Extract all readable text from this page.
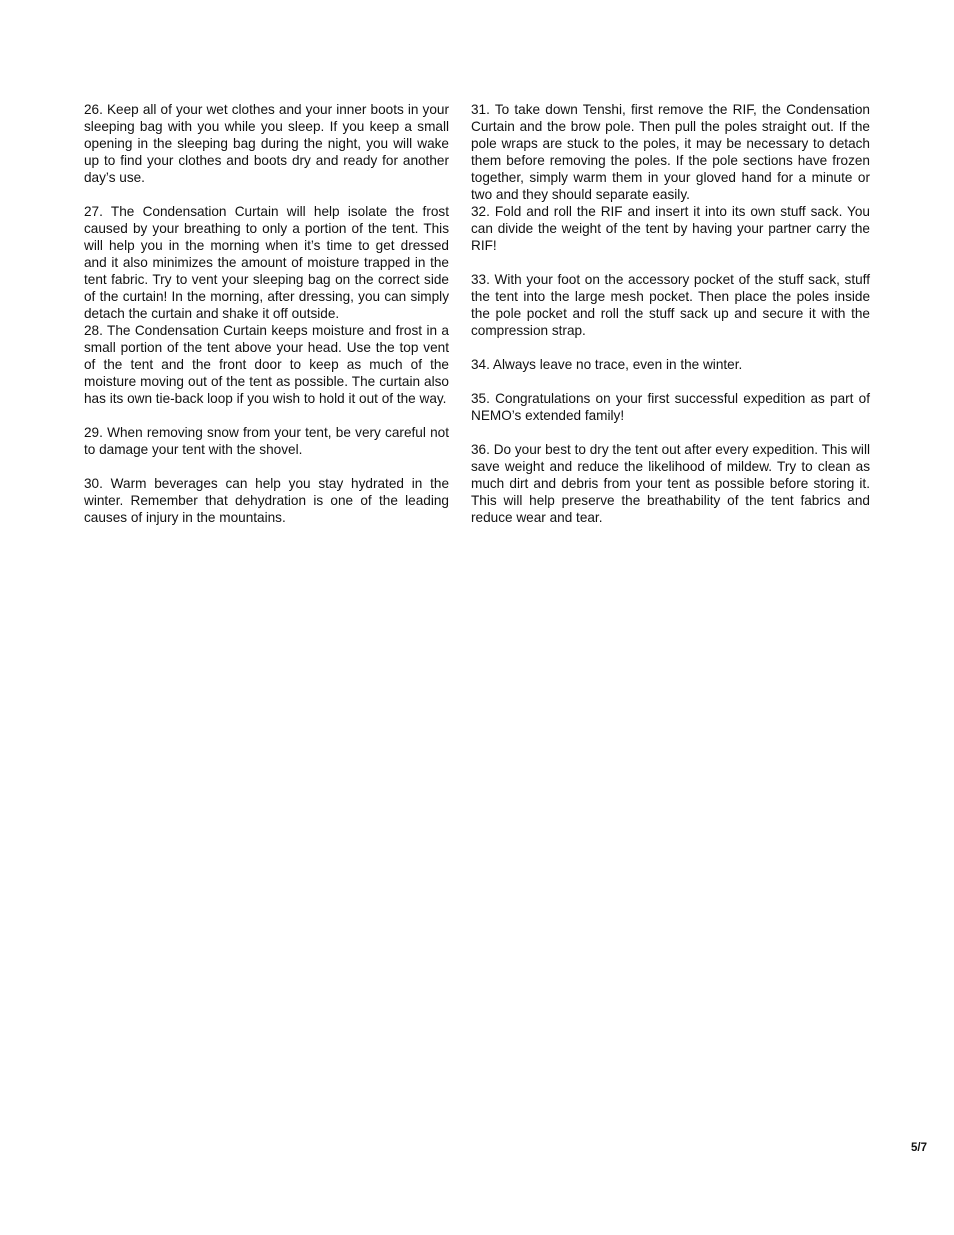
26. Keep all of your wet clothes and your inner boots in your sleeping bag with you while you sleep. If you keep a small opening in the sleeping bag during the night, you will wake up to find your clothes and boots dry and ready for another day’s use.

27. The Condensation Curtain will help isolate the frost caused by your breathing to only a portion of the tent. This will help you in the morning when it’s time to get dressed and it also minimizes the amount of moisture trapped in the tent fabric. Try to vent your sleeping bag on the correct side of the curtain! In the morning, after dressing, you can simply detach the curtain and shake it off outside.

28. The Condensation Curtain keeps moisture and frost in a small portion of the tent above your head. Use the top vent of the tent and the front door to keep as much of the moisture moving out of the tent as possible. The curtain also has its own tie-back loop if you wish to hold it out of the way.

29. When removing snow from your tent, be very careful not to damage your tent with the shovel.

30. Warm beverages can help you stay hydrated in the winter. Remember that dehydration is one of the leading causes of injury in the mountains.

31. To take down Tenshi, first remove the RIF, the Condensation Curtain and the brow pole. Then pull the poles straight out. If the pole wraps are stuck to the poles, it may be necessary to detach them before removing the poles. If the pole sections have frozen together, simply warm them in your gloved hand for a minute or two and they should separate easily.

32. Fold and roll the RIF and insert it into its own stuff sack. You can divide the weight of the tent by having your partner carry the RIF!

33. With your foot on the accessory pocket of the stuff sack, stuff the tent into the large mesh pocket. Then place the poles inside the pole pocket and roll the stuff sack up and secure it with the compression strap.

34. Always leave no trace, even in the winter.

35. Congratulations on your first successful expedition as part of NEMO’s extended family!

36. Do your best to dry the tent out after every expedition. This will save weight and reduce the likelihood of mildew. Try to clean as much dirt and debris from your tent as possible before storing it. This will help preserve the breathability of the tent fabrics and reduce wear and tear.

5/7
